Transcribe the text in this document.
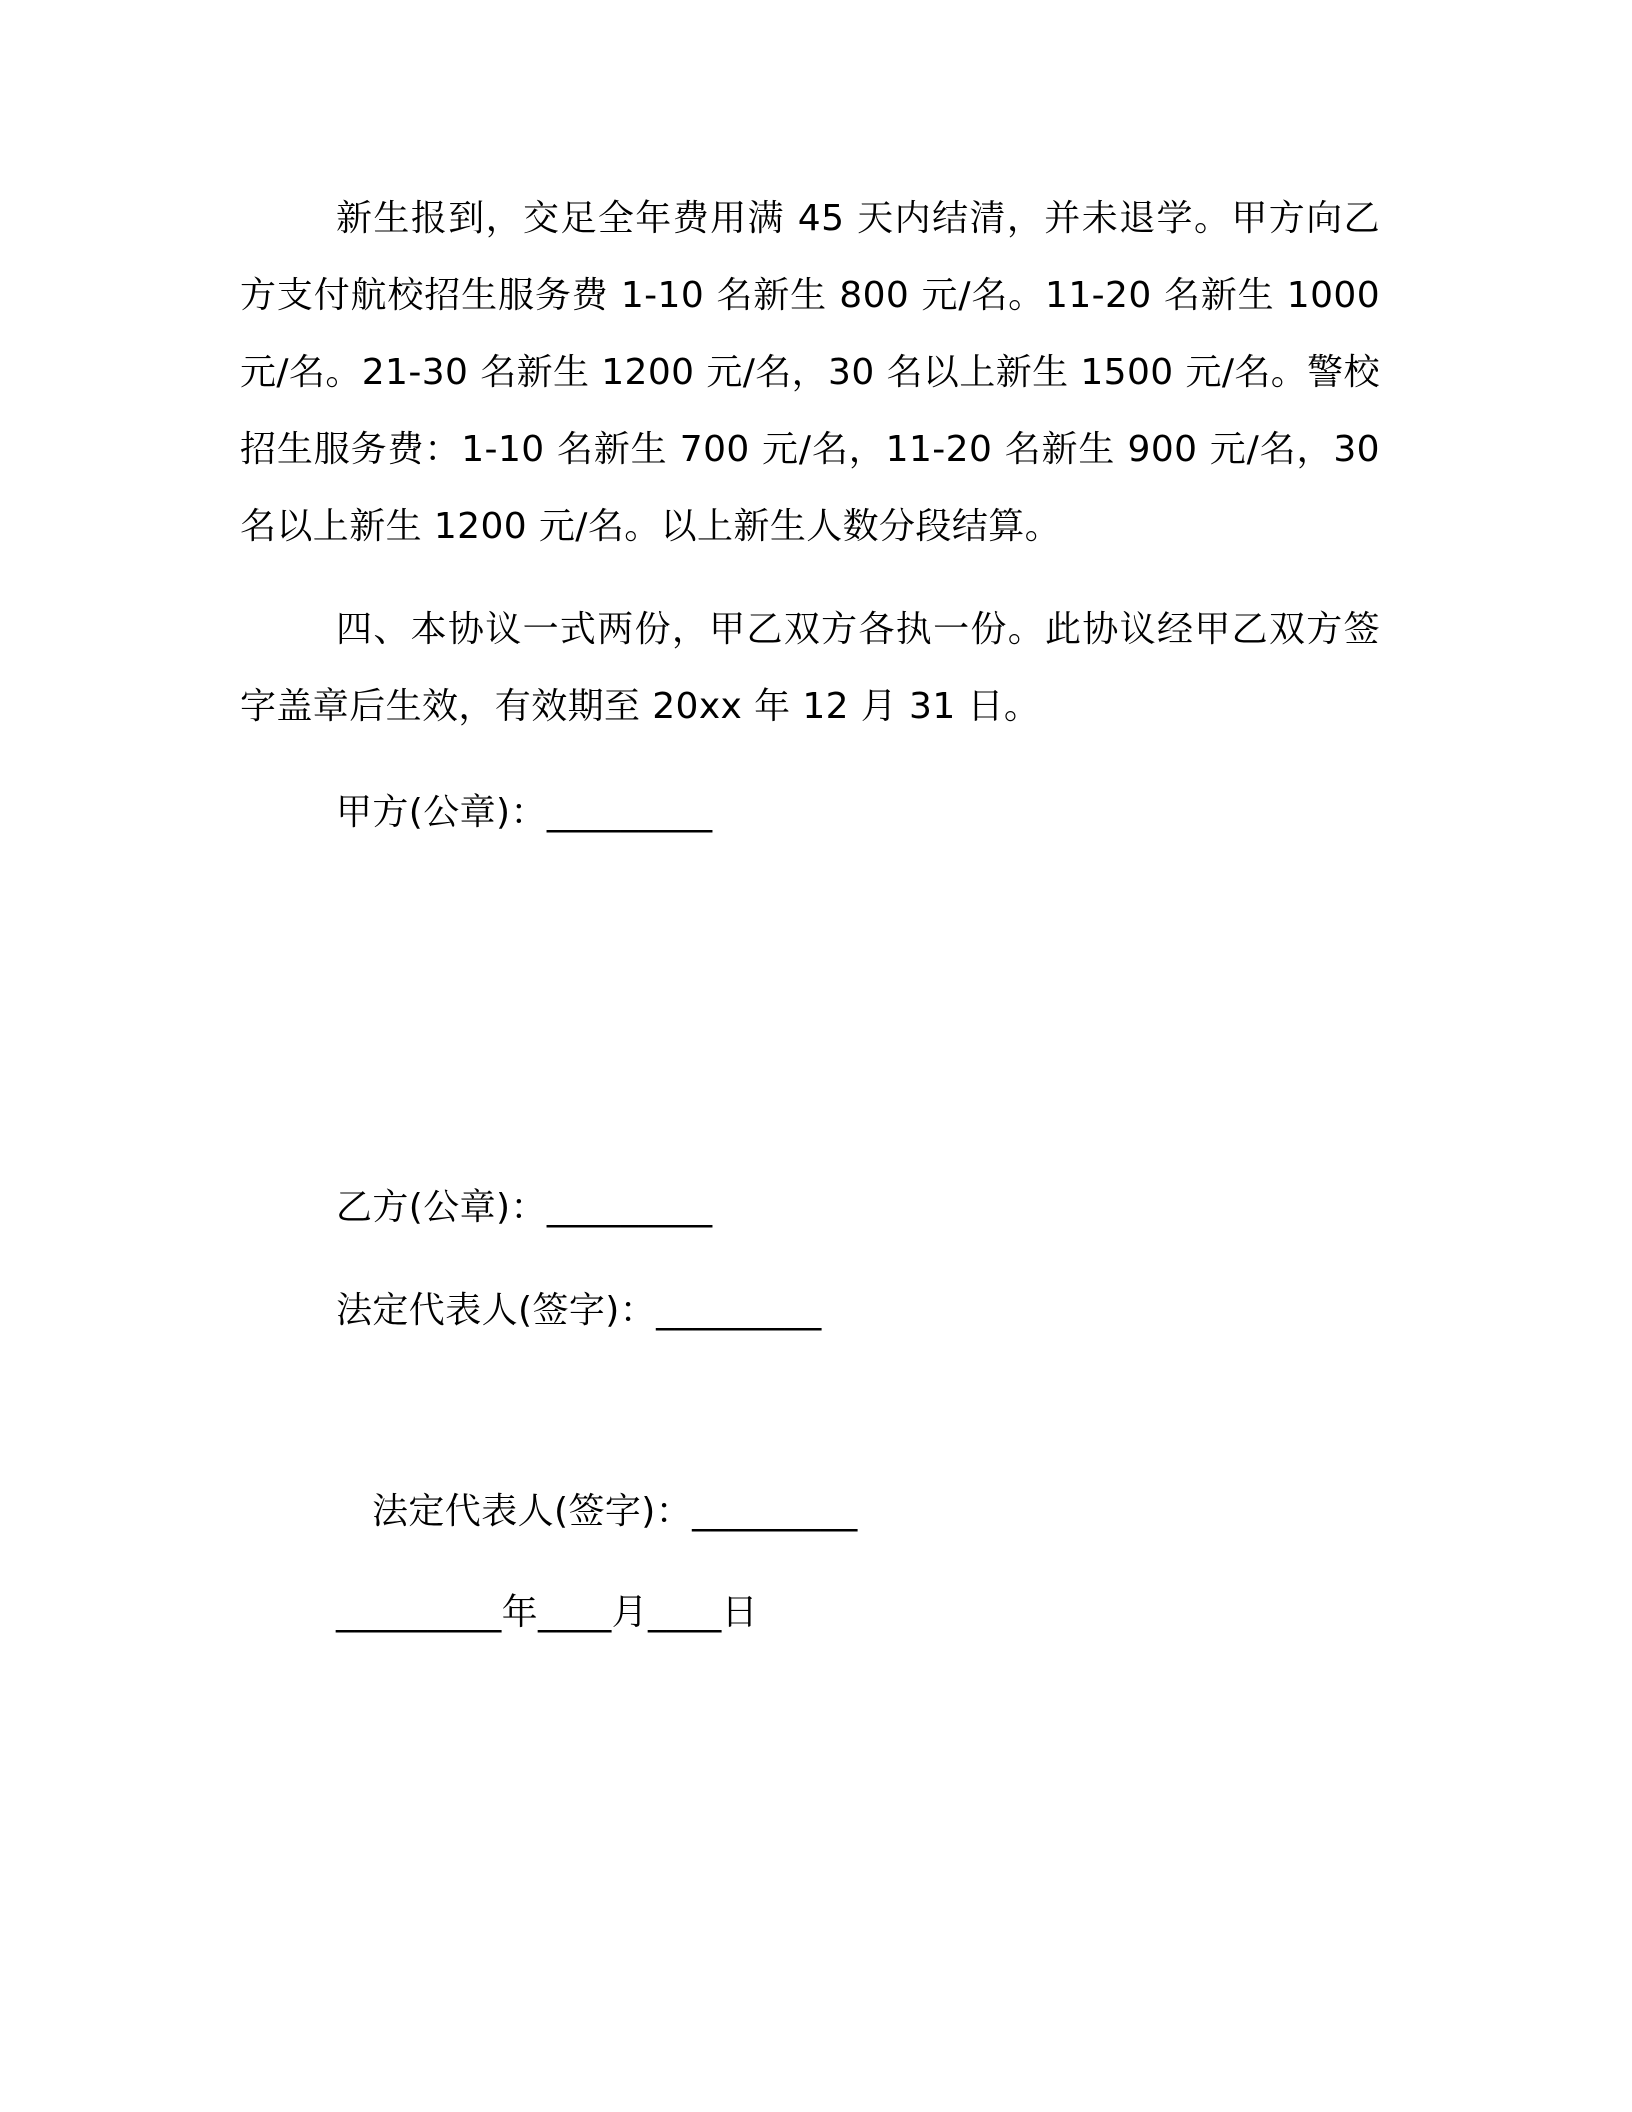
新生报到，交足全年费用满 45 天内结清，并未退学。甲方向乙方支付航校招生服务费 1-10 名新生 800 元/名。11-20 名新生 1000 元/名。21-30 名新生 1200 元/名，30 名以上新生 1500 元/名。警校招生服务费：1-10 名新生 700 元/名，11-20 名新生 900 元/名，30 名以上新生 1200 元/名。以上新生人数分段结算。

四、本协议一式两份，甲乙双方各执一份。此协议经甲乙双方签字盖章后生效，有效期至 20xx 年 12 月 31 日。

甲方(公章)：_________

乙方(公章)：_________

法定代表人(签字)：_________

法定代表人(签字)：_________

_________年____月____日
